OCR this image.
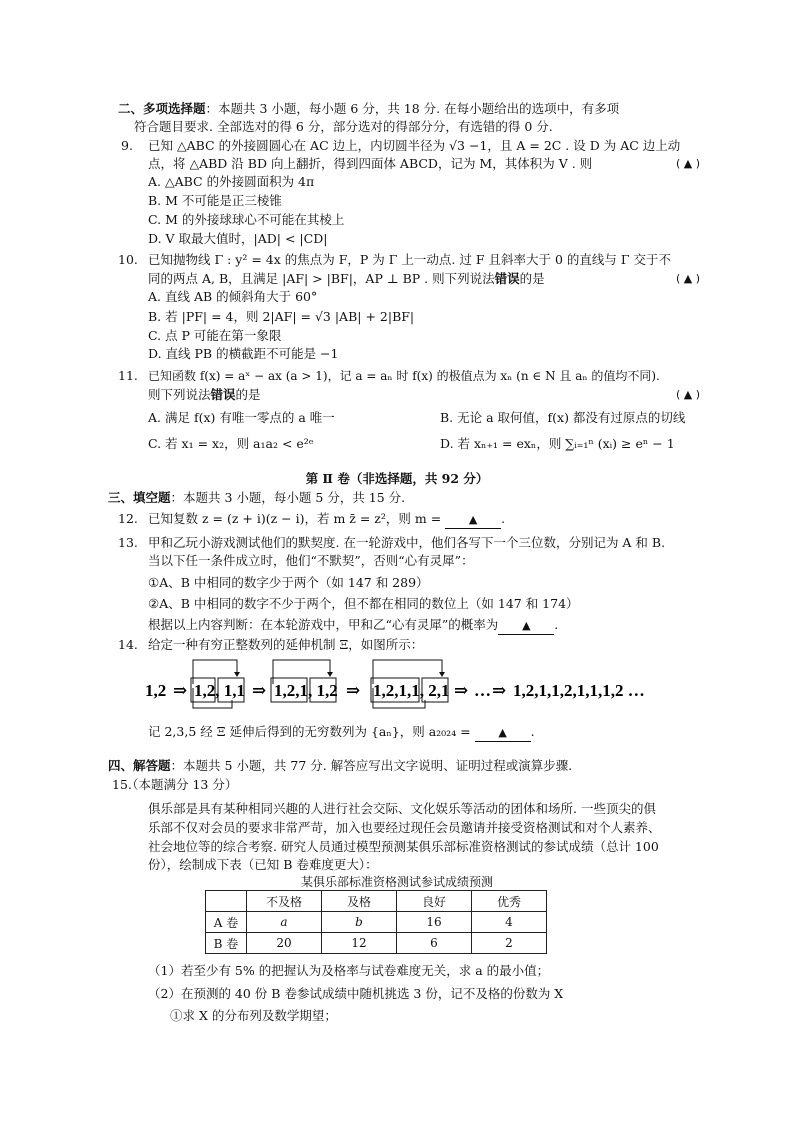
二、多项选择题：本题共 3 小题，每小题 6 分，共 18 分. 在每小题给出的选项中，有多项
符合题目要求. 全部选对的得 6 分，部分选对的得部分分，有选错的得 0 分.
9. 已知 △ABC 的外接圆圆心在 AC 边上，内切圆半径为 √3 −1，且 A = 2C . 设 D 为 AC 边上动
点，将 △ABD 沿 BD 向上翻折，得到四面体 ABCD，记为 M，其体积为 V . 则	( ▲ )
A. △ABC 的外接圆面积为 4π
B. M 不可能是正三棱锥
C. M 的外接球球心不可能在其棱上
D. V 取最大值时，|AD| < |CD|
10. 已知抛物线 Γ : y² = 4x 的焦点为 F，P 为 Γ 上一动点. 过 F 且斜率大于 0 的直线与 Γ 交于不
同的两点 A, B，且满足 |AF| > |BF|，AP ⊥ BP . 则下列说法错误的是	( ▲ )
A. 直线 AB 的倾斜角大于 60°
B. 若 |PF| = 4，则 2|AF| = √3 |AB| + 2|BF|
C. 点 P 可能在第一象限
D. 直线 PB 的横截距不可能是 −1
11. 已知函数 f(x) = aˣ − ax (a > 1)，记 a = aₙ 时 f(x) 的极值点为 xₙ (n ∈ N 且 aₙ 的值均不同).
则下列说法错误的是	( ▲ )
A. 满足 f(x) 有唯一零点的 a 唯一	B. 无论 a 取何值，f(x) 都没有过原点的切线
C. 若 x₁ = x₂，则 a₁a₂ < e²ᵉ	D. 若 xₙ₊₁ = exₙ，则 ∑ᵢ₌₁ⁿ (xᵢ) ≥ eⁿ − 1
第 Ⅱ 卷（非选择题，共 92 分）
三、填空题：本题共 3 小题，每小题 5 分，共 15 分.
12. 已知复数 z = (z + i)(z − i)，若 m z̄ = z²，则 m = ▲ .
13. 甲和乙玩小游戏测试他们的默契度. 在一轮游戏中，他们各写下一个三位数，分别记为 A 和 B.
当以下任一条件成立时，他们“不默契”，否则“心有灵犀”：
①A、B 中相同的数字少于两个（如 147 和 289）
②A、B 中相同的数字不少于两个，但不都在相同的数位上（如 147 和 174）
根据以上内容判断：在本轮游戏中，甲和乙“心有灵犀”的概率为 ▲ .
14. 给定一种有穷正整数列的延伸机制 Ξ，如图所示：
1,2 ⇒ 1,2, 1,1 ⇒ 1,2,1, 1,2 ⇒ 1,2,1,1, 2,1 ⇒ … ⇒ 1,2,1,1,2,1,1,1,2 …
记 2,3,5 经 Ξ 延伸后得到的无穷数列为 {aₙ}，则 a₂₀₂₄ = ▲ .
四、解答题：本题共 5 小题，共 77 分. 解答应写出文字说明、证明过程或演算步骤.
15.
（本题满分 13 分）
俱乐部是具有某种相同兴趣的人进行社会交际、文化娱乐等活动的团体和场所. 一些顶尖的俱
乐部不仅对会员的要求非常严苛，加入也要经过现任会员邀请并接受资格测试和对个人素养、
社会地位等的综合考察. 研究人员通过模型预测某俱乐部标准资格测试的参试成绩（总计 100
份），绘制成下表（已知 B 卷难度更大）：
某俱乐部标准资格测试参试成绩预测
	不及格	及格	良好	优秀
A 卷	a	b	16	4
B 卷	20	12	6	2
（1）若至少有 5% 的把握认为及格率与试卷难度无关，求 a 的最小值；
（2）在预测的 40 份 B 卷参试成绩中随机挑选 3 份，记不及格的份数为 X
①求 X 的分布列及数学期望；
